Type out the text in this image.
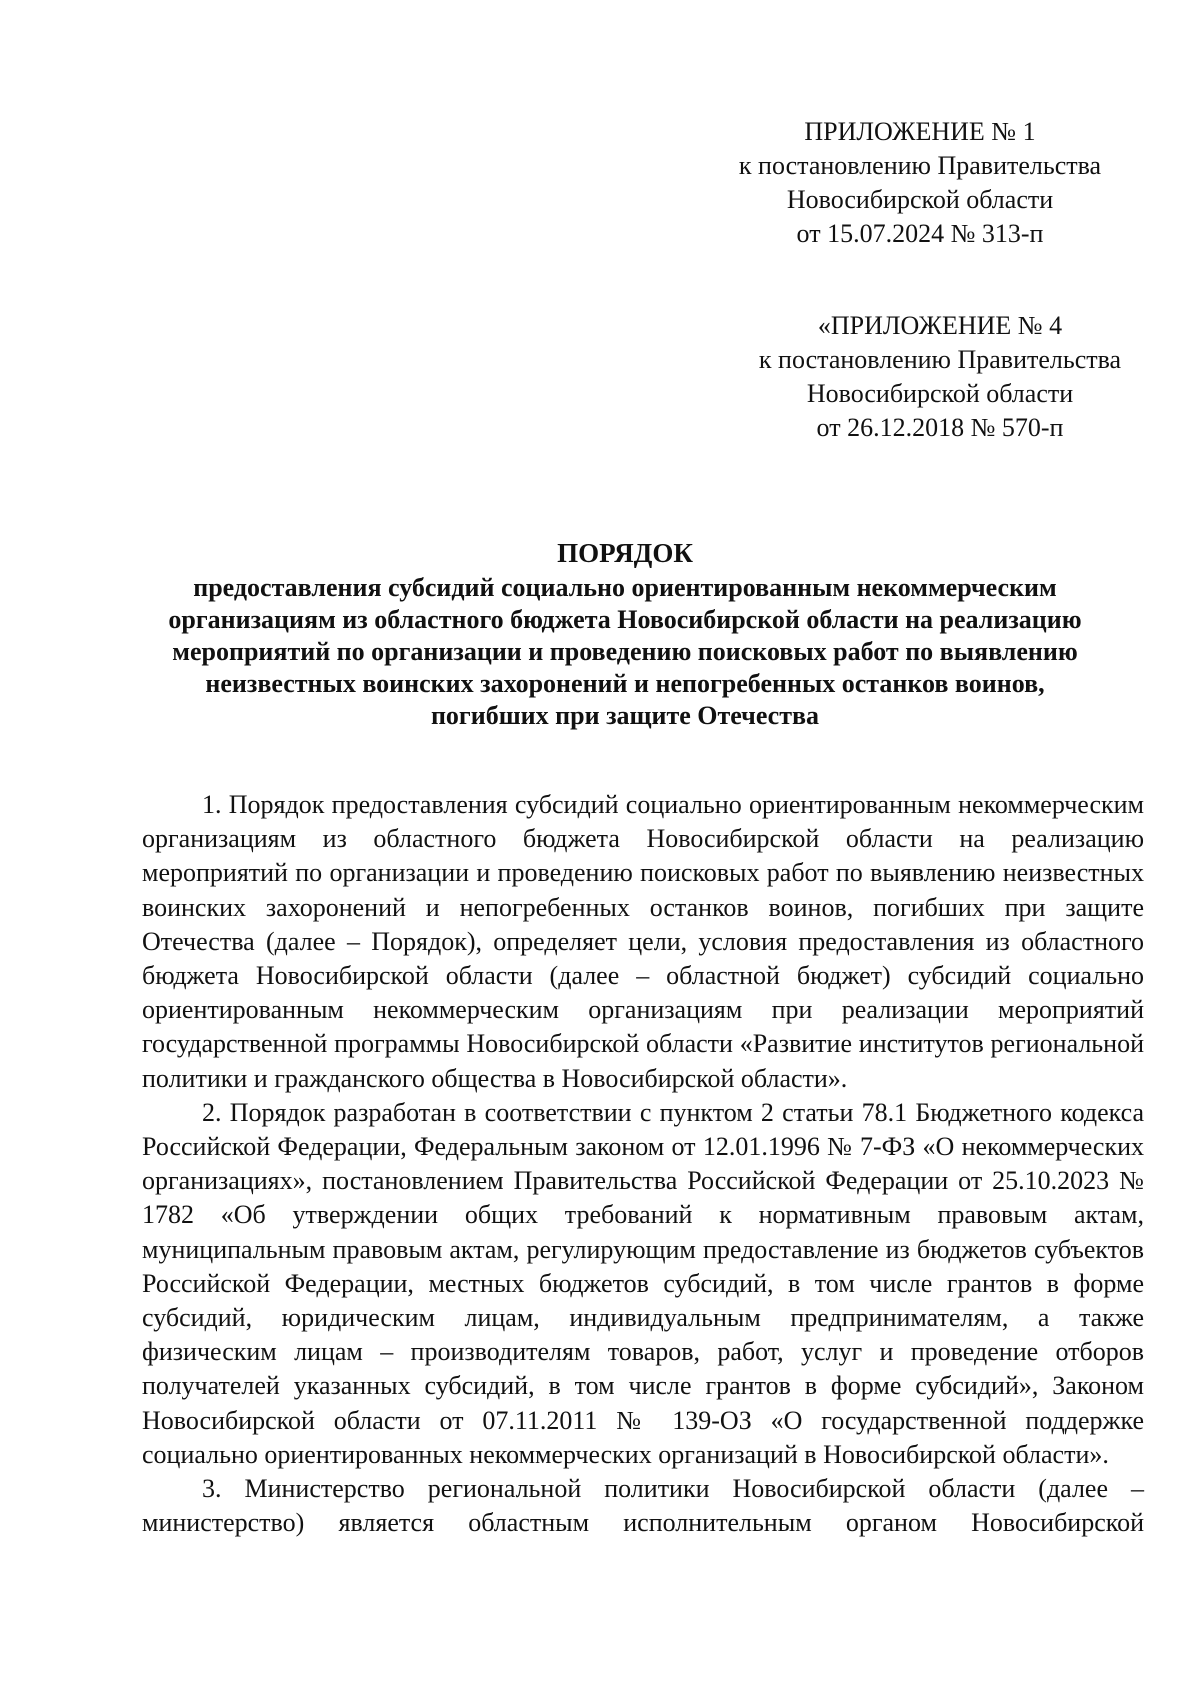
ПРИЛОЖЕНИЕ № 1
к постановлению Правительства
Новосибирской области
от 15.07.2024 № 313-п
«ПРИЛОЖЕНИЕ № 4
к постановлению Правительства
Новосибирской области
от 26.12.2018 № 570-п
ПОРЯДОК
предоставления субсидий социально ориентированным некоммерческим
организациям из областного бюджета Новосибирской области на реализацию
мероприятий по организации и проведению поисковых работ по выявлению
неизвестных воинских захоронений и непогребенных останков воинов,
погибших при защите Отечества

1. Порядок предоставления субсидий социально ориентированным некоммерческим организациям из областного бюджета Новосибирской области на реализацию мероприятий по организации и проведению поисковых работ по выявлению неизвестных воинских захоронений и непогребенных останков воинов, погибших при защите Отечества (далее – Порядок), определяет цели, условия предоставления из областного бюджета Новосибирской области (далее – областной бюджет) субсидий социально ориентированным некоммерческим организациям при реализации мероприятий государственной программы Новосибирской области «Развитие институтов региональной политики и гражданского общества в Новосибирской области».

2. Порядок разработан в соответствии с пунктом 2 статьи 78.1 Бюджетного кодекса Российской Федерации, Федеральным законом от 12.01.1996 № 7-ФЗ «О некоммерческих организациях», постановлением Правительства Российской Федерации от 25.10.2023 № 1782 «Об утверждении общих требований к нормативным правовым актам, муниципальным правовым актам, регулирующим предоставление из бюджетов субъектов Российской Федерации, местных бюджетов субсидий, в том числе грантов в форме субсидий, юридическим лицам, индивидуальным предпринимателям, а также физическим лицам – производителям товаров, работ, услуг и проведение отборов получателей указанных субсидий, в том числе грантов в форме субсидий», Законом Новосибирской области от 07.11.2011 № 139-ОЗ «О государственной поддержке социально ориентированных некоммерческих организаций в Новосибирской области».

3. Министерство региональной политики Новосибирской области (далее – министерство) является областным исполнительным органом Новосибирской
